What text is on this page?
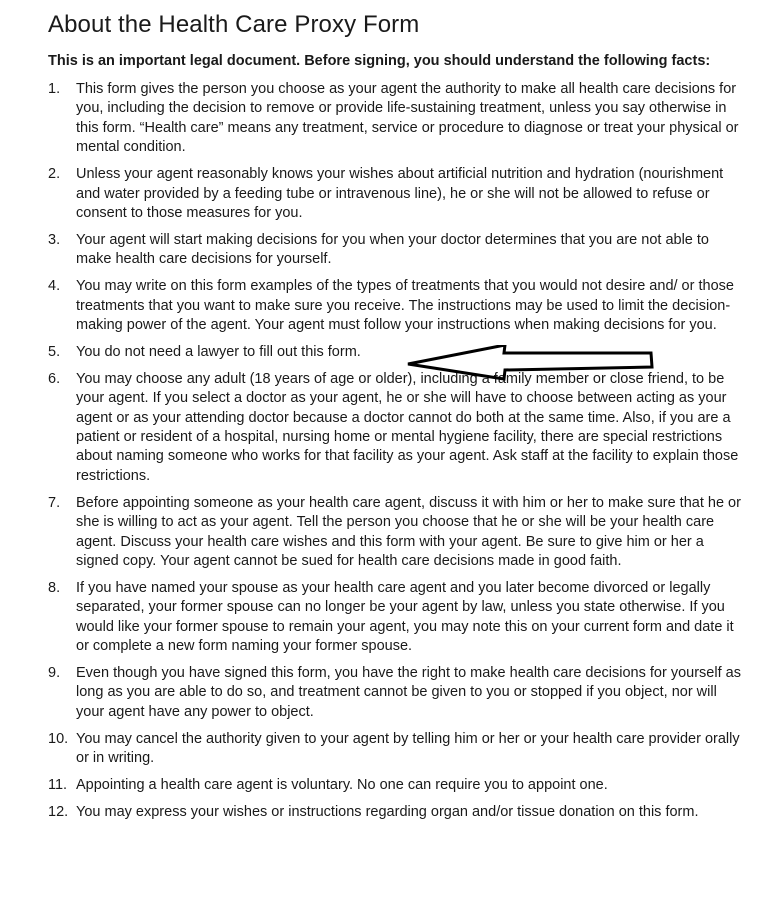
About the Health Care Proxy Form

This is an important legal document. Before signing, you should understand the following facts:

1. This form gives the person you choose as your agent the authority to make all health care decisions for you, including the decision to remove or provide life-sustaining treatment, unless you say otherwise in this form. “Health care” means any treatment, service or procedure to diagnose or treat your physical or mental condition.
2. Unless your agent reasonably knows your wishes about artificial nutrition and hydration (nourishment and water provided by a feeding tube or intravenous line), he or she will not be allowed to refuse or consent to those measures for you.
3. Your agent will start making decisions for you when your doctor determines that you are not able to make health care decisions for yourself.
4. You may write on this form examples of the types of treatments that you would not desire and/ or those treatments that you want to make sure you receive. The instructions may be used to limit the decision-making power of the agent. Your agent must follow your instructions when making decisions for you.
5. You do not need a lawyer to fill out this form.
6. You may choose any adult (18 years of age or older), including a family member or close friend, to be your agent. If you select a doctor as your agent, he or she will have to choose between acting as your agent or as your attending doctor because a doctor cannot do both at the same time. Also, if you are a patient or resident of a hospital, nursing home or mental hygiene facility, there are special restrictions about naming someone who works for that facility as your agent. Ask staff at the facility to explain those restrictions.
7. Before appointing someone as your health care agent, discuss it with him or her to make sure that he or she is willing to act as your agent. Tell the person you choose that he or she will be your health care agent. Discuss your health care wishes and this form with your agent. Be sure to give him or her a signed copy. Your agent cannot be sued for health care decisions made in good faith.
8. If you have named your spouse as your health care agent and you later become divorced or legally separated, your former spouse can no longer be your agent by law, unless you state otherwise. If you would like your former spouse to remain your agent, you may note this on your current form and date it or complete a new form naming your former spouse.
9. Even though you have signed this form, you have the right to make health care decisions for yourself as long as you are able to do so, and treatment cannot be given to you or stopped if you object, nor will your agent have any power to object.
10. You may cancel the authority given to your agent by telling him or her or your health care provider orally or in writing.
11. Appointing a health care agent is voluntary. No one can require you to appoint one.
12. You may express your wishes or instructions regarding organ and/or tissue donation on this form.
